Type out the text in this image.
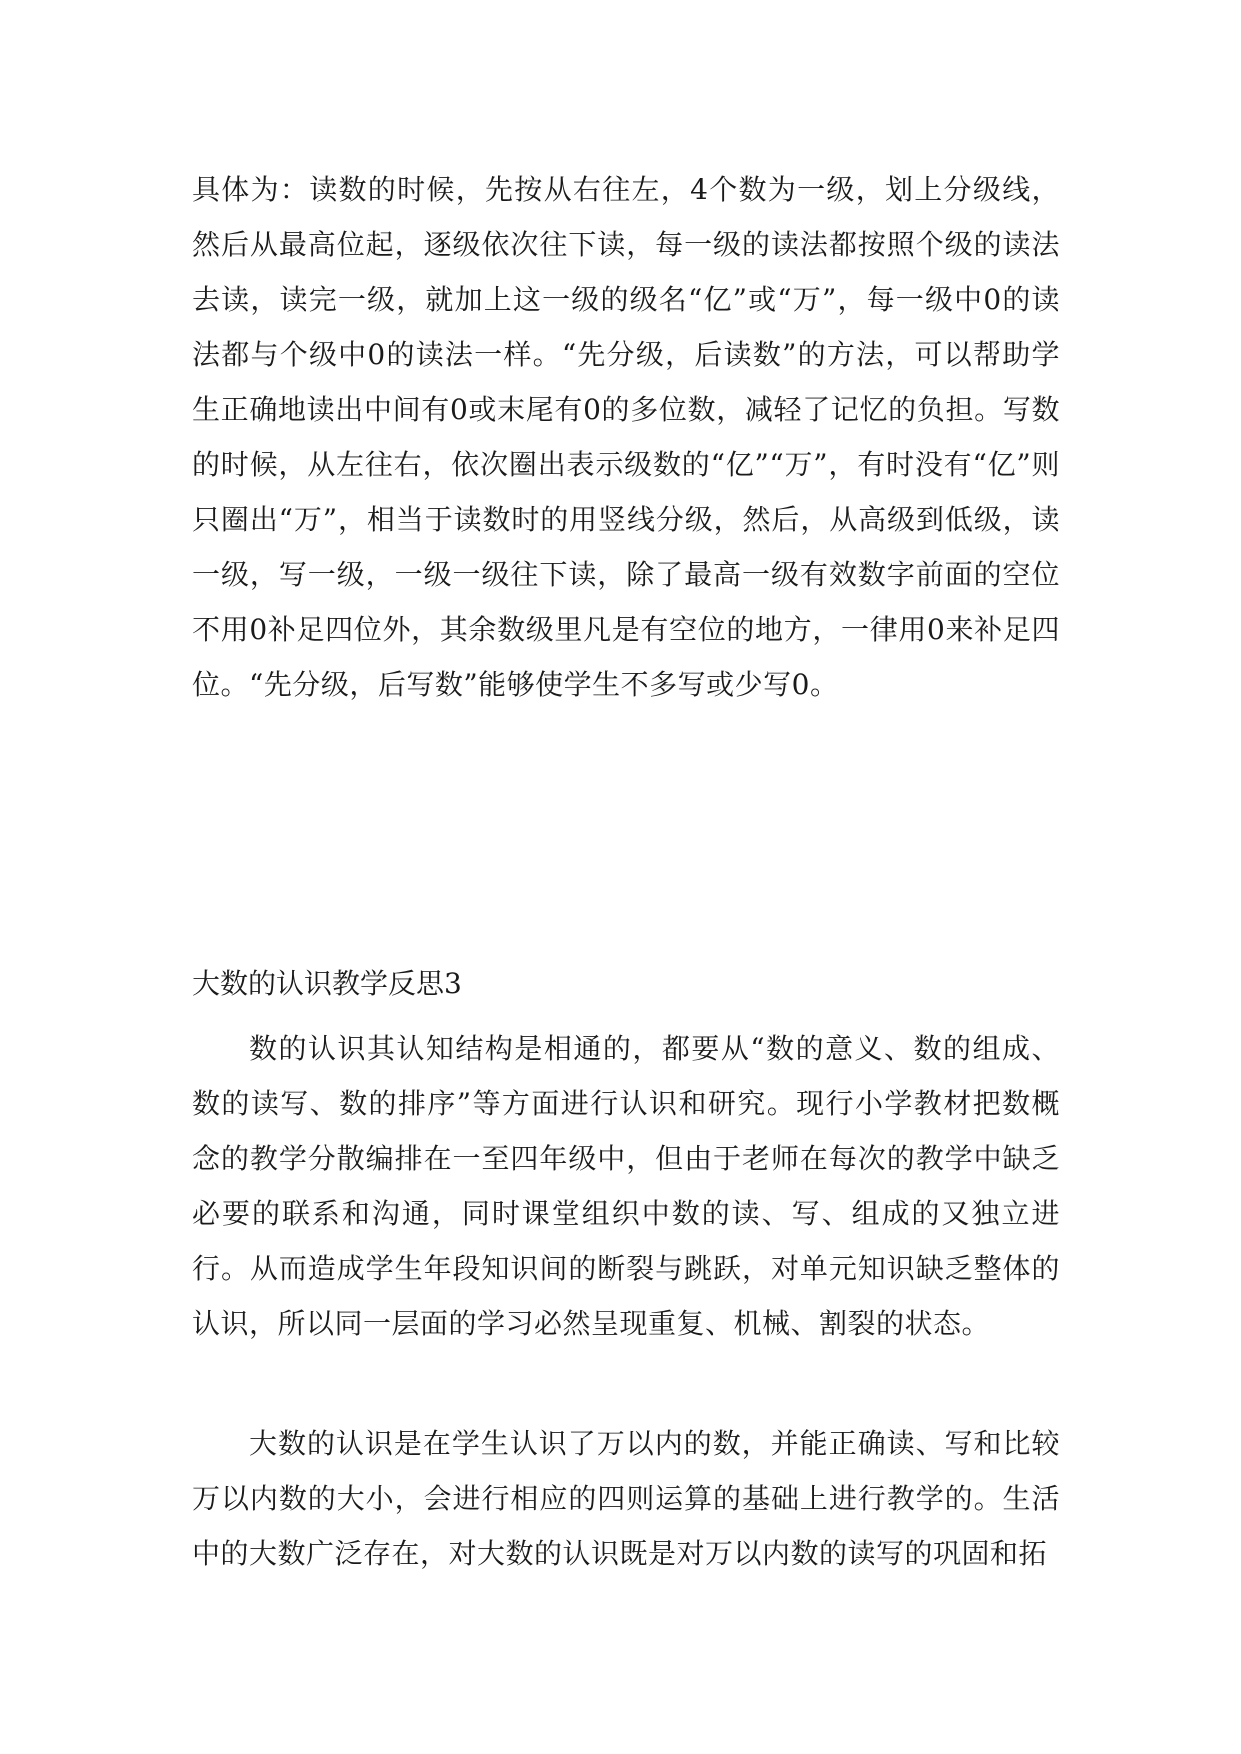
具体为：读数的时候，先按从右往左，4个数为一级，划上分级线，然后从最高位起，逐级依次往下读，每一级的读法都按照个级的读法去读，读完一级，就加上这一级的级名“亿”或“万”，每一级中0的读法都与个级中0的读法一样。“先分级，后读数”的方法，可以帮助学生正确地读出中间有0或末尾有0的多位数，减轻了记忆的负担。写数的时候，从左往右，依次圈出表示级数的“亿”“万”，有时没有“亿”则只圈出“万”，相当于读数时的用竖线分级，然后，从高级到低级，读一级，写一级，一级一级往下读，除了最高一级有效数字前面的空位不用0补足四位外，其余数级里凡是有空位的地方，一律用0来补足四位。“先分级，后写数”能够使学生不多写或少写0。

大数的认识教学反思3

数的认识其认知结构是相通的，都要从“数的意义、数的组成、数的读写、数的排序”等方面进行认识和研究。现行小学教材把数概念的教学分散编排在一至四年级中，但由于老师在每次的教学中缺乏必要的联系和沟通，同时课堂组织中数的读、写、组成的又独立进行。从而造成学生年段知识间的断裂与跳跃，对单元知识缺乏整体的认识，所以同一层面的学习必然呈现重复、机械、割裂的状态。

大数的认识是在学生认识了万以内的数，并能正确读、写和比较万以内数的大小，会进行相应的四则运算的基础上进行教学的。生活中的大数广泛存在，对大数的认识既是对万以内数的读写的巩固和拓
